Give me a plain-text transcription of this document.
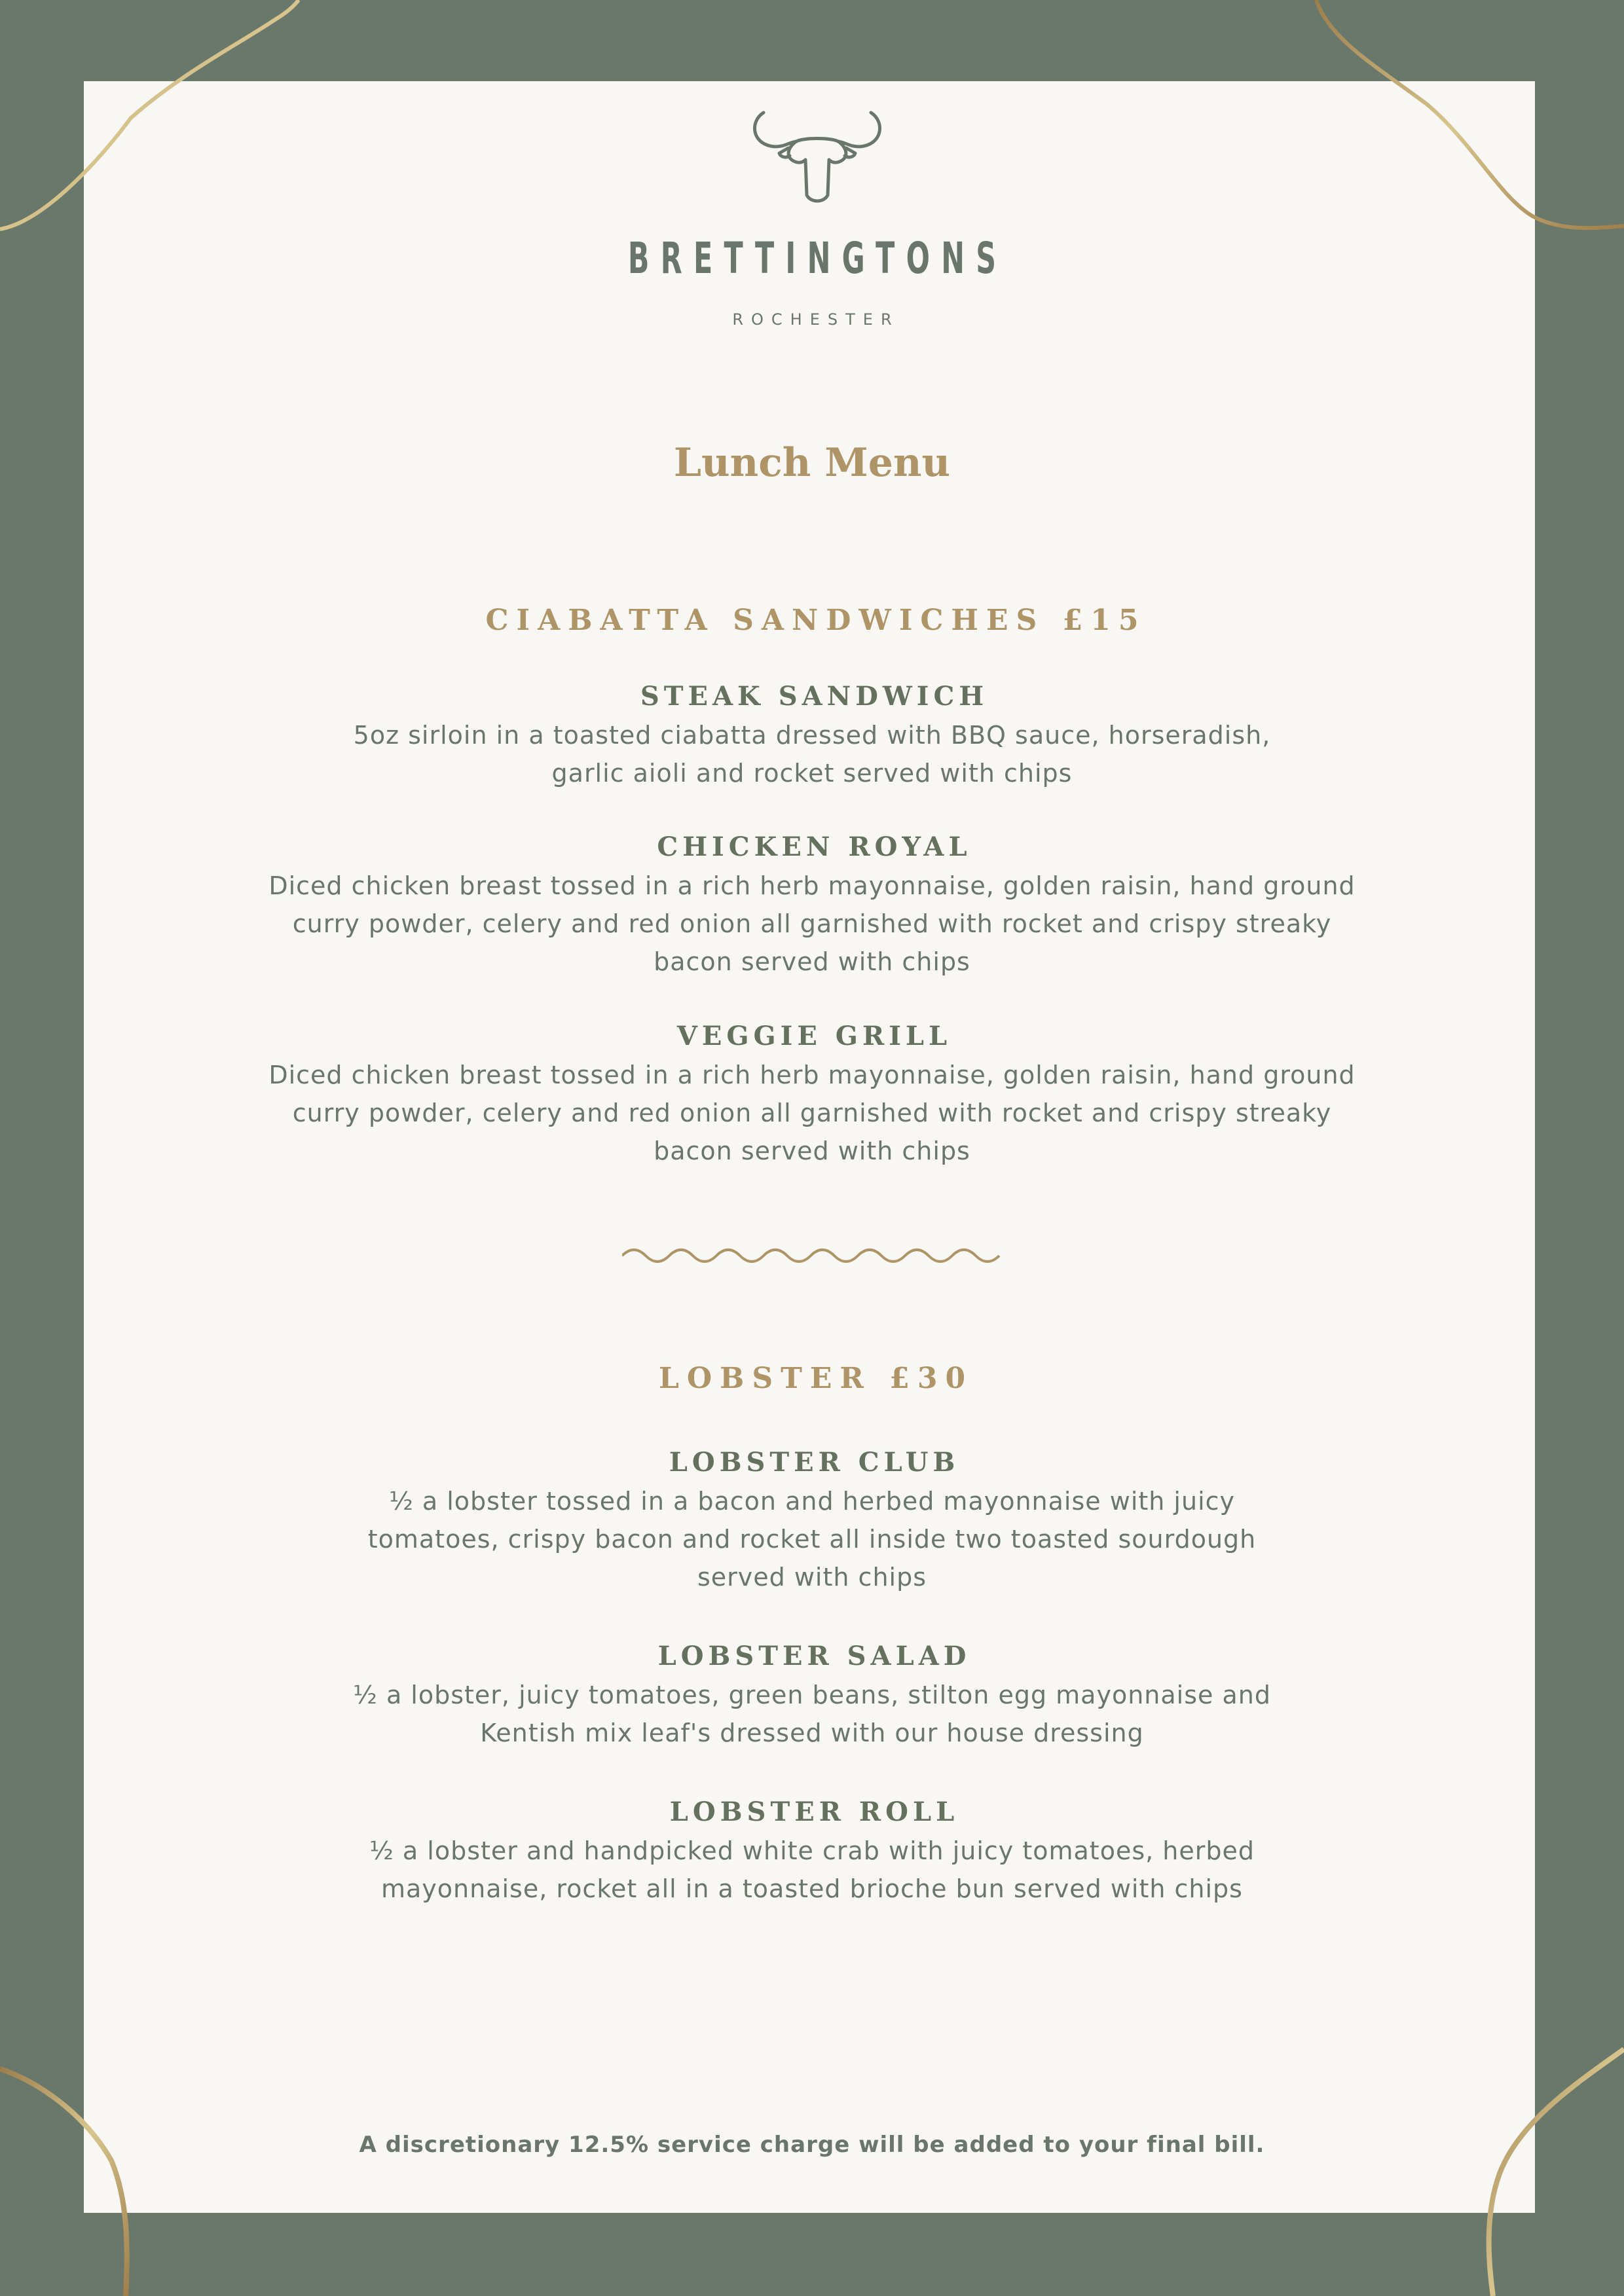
BRETTINGTONS
ROCHESTER
Lunch Menu
CIABATTA SANDWICHES £15
STEAK SANDWICH
5oz sirloin in a toasted ciabatta dressed with BBQ sauce, horseradish,
garlic aioli and rocket served with chips
CHICKEN ROYAL
Diced chicken breast tossed in a rich herb mayonnaise, golden raisin, hand ground
curry powder, celery and red onion all garnished with rocket and crispy streaky
bacon served with chips
VEGGIE GRILL
Diced chicken breast tossed in a rich herb mayonnaise, golden raisin, hand ground
curry powder, celery and red onion all garnished with rocket and crispy streaky
bacon served with chips
LOBSTER £30
LOBSTER CLUB
½ a lobster tossed in a bacon and herbed mayonnaise with juicy
tomatoes, crispy bacon and rocket all inside two toasted sourdough
served with chips
LOBSTER SALAD
½ a lobster, juicy tomatoes, green beans, stilton egg mayonnaise and
Kentish mix leaf's dressed with our house dressing
LOBSTER ROLL
½ a lobster and handpicked white crab with juicy tomatoes, herbed
mayonnaise, rocket all in a toasted brioche bun served with chips
A discretionary 12.5% service charge will be added to your final bill.
